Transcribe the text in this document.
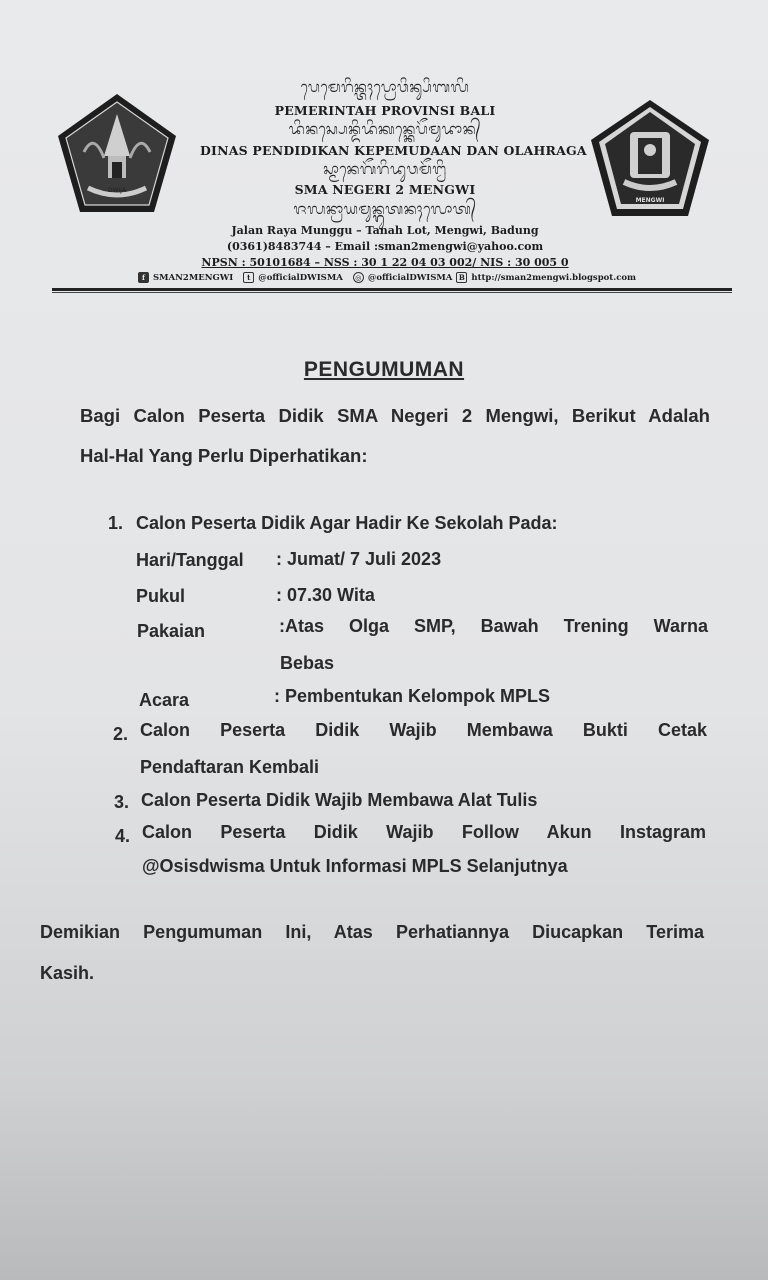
DWIJA
MENGWI
ᬧᬾᬫᬾᬭᬶᬦ᭄ᬢᬄᬧ᭄ᬭᭀᬯᬶᬦ᭄ᬲᬶᬩᬮᬶ
PEMERINTAH PROVINSI BALI
ᬤᬶᬦᬲ᭄ᬧᬾᬦ᭄ᬤᬶᬤᬶᬓᬦ᭄ᬓᬾᬧᭂᬫᬸᬤᬵᬦ᭄
DINAS PENDIDIKAN KEPEMUDAAN DAN OLAHRAGA
ᬲ᭄ᬫᬵᬦᬾᬕᭂᬭᬶᬤᬸᬯᬫᭂᬗ᭄ᬯᬶ
SMA NEGERI 2 MENGWI
ᬚᬮᬦ᭄ᬭᬵᬬᬫᬸᬦ᭄ᬕ᭄ᬕᬸᬢᬦᬄᬮᭀᬢ᭄
Jalan Raya Munggu – Tanah Lot, Mengwi, Badung
(0361)8483744 – Email :sman2mengwi@yahoo.com
NPSN : 50101684 – NSS : 30 1 22 04 03 002/ NIS : 30 005 0
f SMAN2MENGWI	t @officialDWISMA	◎ @officialDWISMA B http://sman2mengwi.blogspot.com
PENGUMUMAN
Bagi Calon Peserta Didik SMA Negeri 2 Mengwi, Berikut Adalah
Hal-Hal Yang Perlu Diperhatikan:
1. Calon Peserta Didik Agar Hadir Ke Sekolah Pada:
Hari/Tanggal : Jumat/ 7 Juli 2023
Pukul	: 07.30 Wita
Pakaian	:Atas Olga SMP, Bawah Trening Warna
Bebas
Acara	: Pembentukan Kelompok MPLS
2. Calon Peserta Didik Wajib Membawa Bukti Cetak
Pendaftaran Kembali
3. Calon Peserta Didik Wajib Membawa Alat Tulis
4. Calon Peserta Didik Wajib Follow Akun Instagram
@Osisdwisma Untuk Informasi MPLS Selanjutnya
Demikian Pengumuman Ini, Atas Perhatiannya Diucapkan Terima
Kasih.
